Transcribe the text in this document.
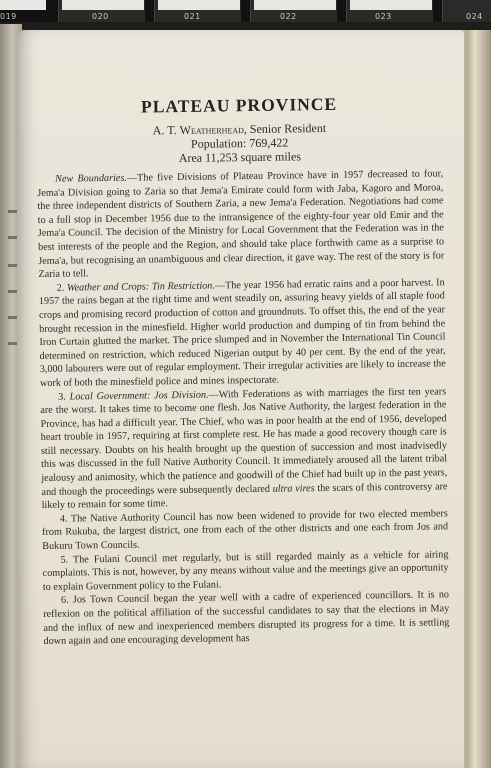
019	020	021	022	023	024
PLATEAU PROVINCE
A. T. Weatherhead, Senior Resident
Population: 769,422
Area 11,253 square miles

New Boundaries.—The five Divisions of Plateau Province have in 1957 decreased to four, Jema'a Division going to Zaria so that Jema'a Emirate could form with Jaba, Kagoro and Moroa, the three independent districts of Southern Zaria, a new Jema'a Federation. Negotiations had come to a full stop in December 1956 due to the intransigence of the eighty-four year old Emir and the Jema'a Council. The decision of the Ministry for Local Government that the Federation was in the best interests of the people and the Region, and should take place forthwith came as a surprise to Jema'a, but recognising an unambiguous and clear direction, it gave way. The rest of the story is for Zaria to tell.

2. Weather and Crops: Tin Restriction.—The year 1956 had erratic rains and a poor harvest. In 1957 the rains began at the right time and went steadily on, assuring heavy yields of all staple food crops and promising record production of cotton and groundnuts. To offset this, the end of the year brought recession in the minesfield. Higher world production and dumping of tin from behind the Iron Curtain glutted the market. The price slumped and in November the International Tin Council determined on restriction, which reduced Nigerian output by 40 per cent. By the end of the year, 3,000 labourers were out of regular employment. Their irregular activities are likely to increase the work of both the minesfield police and mines inspectorate.

3. Local Government: Jos Division.—With Federations as with marriages the first ten years are the worst. It takes time to become one flesh. Jos Native Authority, the largest federation in the Province, has had a difficult year. The Chief, who was in poor health at the end of 1956, developed heart trouble in 1957, requiring at first complete rest. He has made a good recovery though care is still necessary. Doubts on his health brought up the question of succession and most inadvisedly this was discussed in the full Native Authority Council. It immediately aroused all the latent tribal jealousy and animosity, which the patience and goodwill of the Chief had built up in the past years, and though the proceedings were subsequently declared ultra vires the scars of this controversy are likely to remain for some time.

4. The Native Authority Council has now been widened to provide for two elected members from Rukuba, the largest district, one from each of the other districts and one each from Jos and Bukuru Town Councils.

5. The Fulani Council met regularly, but is still regarded mainly as a vehicle for airing complaints. This is not, however, by any means without value and the meetings give an opportunity to explain Government policy to the Fulani.

6. Jos Town Council began the year well with a cadre of experienced councillors. It is no reflexion on the political affiliation of the successful candidates to say that the elections in May and the influx of new and inexperienced members disrupted its progress for a time. It is settling down again and one encouraging development has
